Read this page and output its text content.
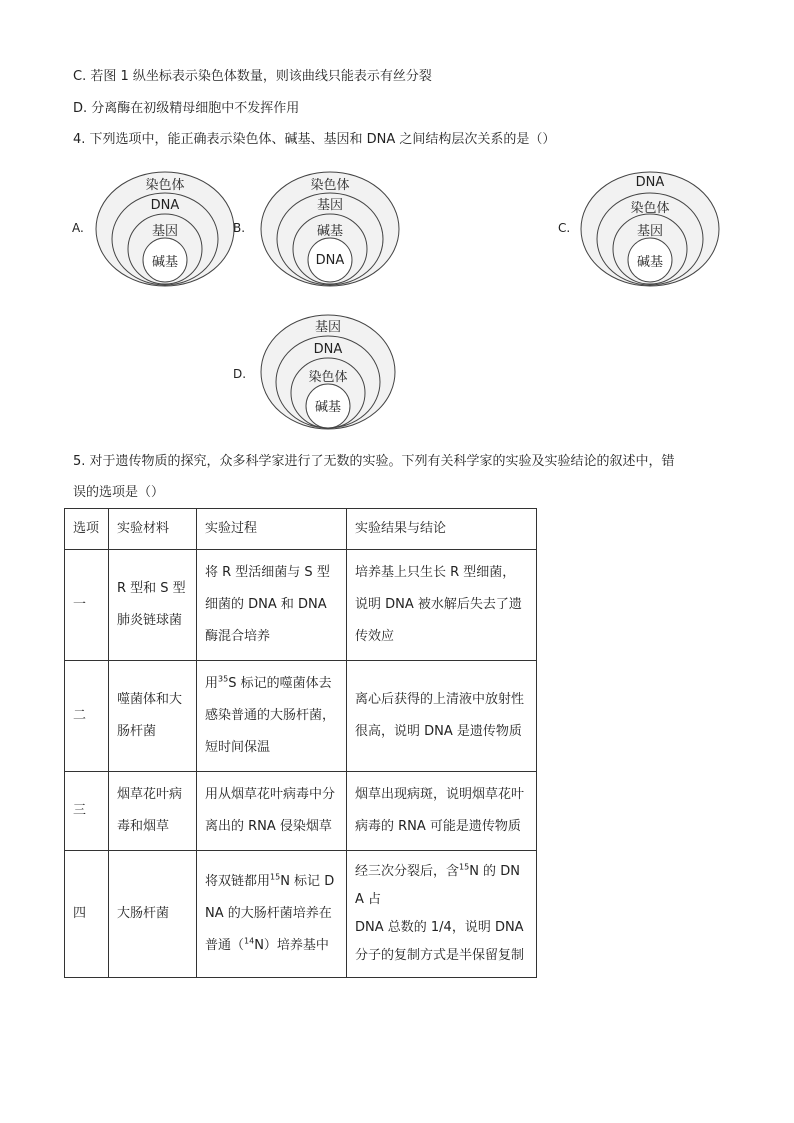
C. 若图 1 纵坐标表示染色体数量，则该曲线只能表示有丝分裂
D. 分离酶在初级精母细胞中不发挥作用
4. 下列选项中，能正确表示染色体、碱基、基因和 DNA 之间结构层次关系的是（）
A.
染色体
DNA
基因
碱基
B.
染色体
基因
碱基
DNA
C.
DNA
染色体
基因
碱基
D.
基因
DNA
染色体
碱基
5. 对于遗传物质的探究，众多科学家进行了无数的实验。下列有关科学家的实验及实验结论的叙述中，错
误的选项是（）
选项	实验材料	实验过程	实验结果与结论
一	R 型和 S 型肺炎链球菌	将 R 型活细菌与 S 型细菌的 DNA 和 DNA 酶混合培养	培养基上只生长 R 型细菌，说明 DNA 被水解后失去了遗传效应
二	噬菌体和大肠杆菌	用$^{35}$S 标记的噬菌体去感染普通的大肠杆菌，短时间保温	离心后获得的上清液中放射性很高，说明 DNA 是遗传物质
三	烟草花叶病毒和烟草	用从烟草花叶病毒中分离出的 RNA 侵染烟草	烟草出现病斑，说明烟草花叶病毒的 RNA 可能是遗传物质
四	大肠杆菌	将双链都用$^{15}$N 标记 DNA 的大肠杆菌培养在普通（$^{14}$N）培养基中	经三次分裂后，含$^{15}$N 的 DNA 占
DNA 总数的 1/4，说明 DNA 分子的复制方式是半保留复制
